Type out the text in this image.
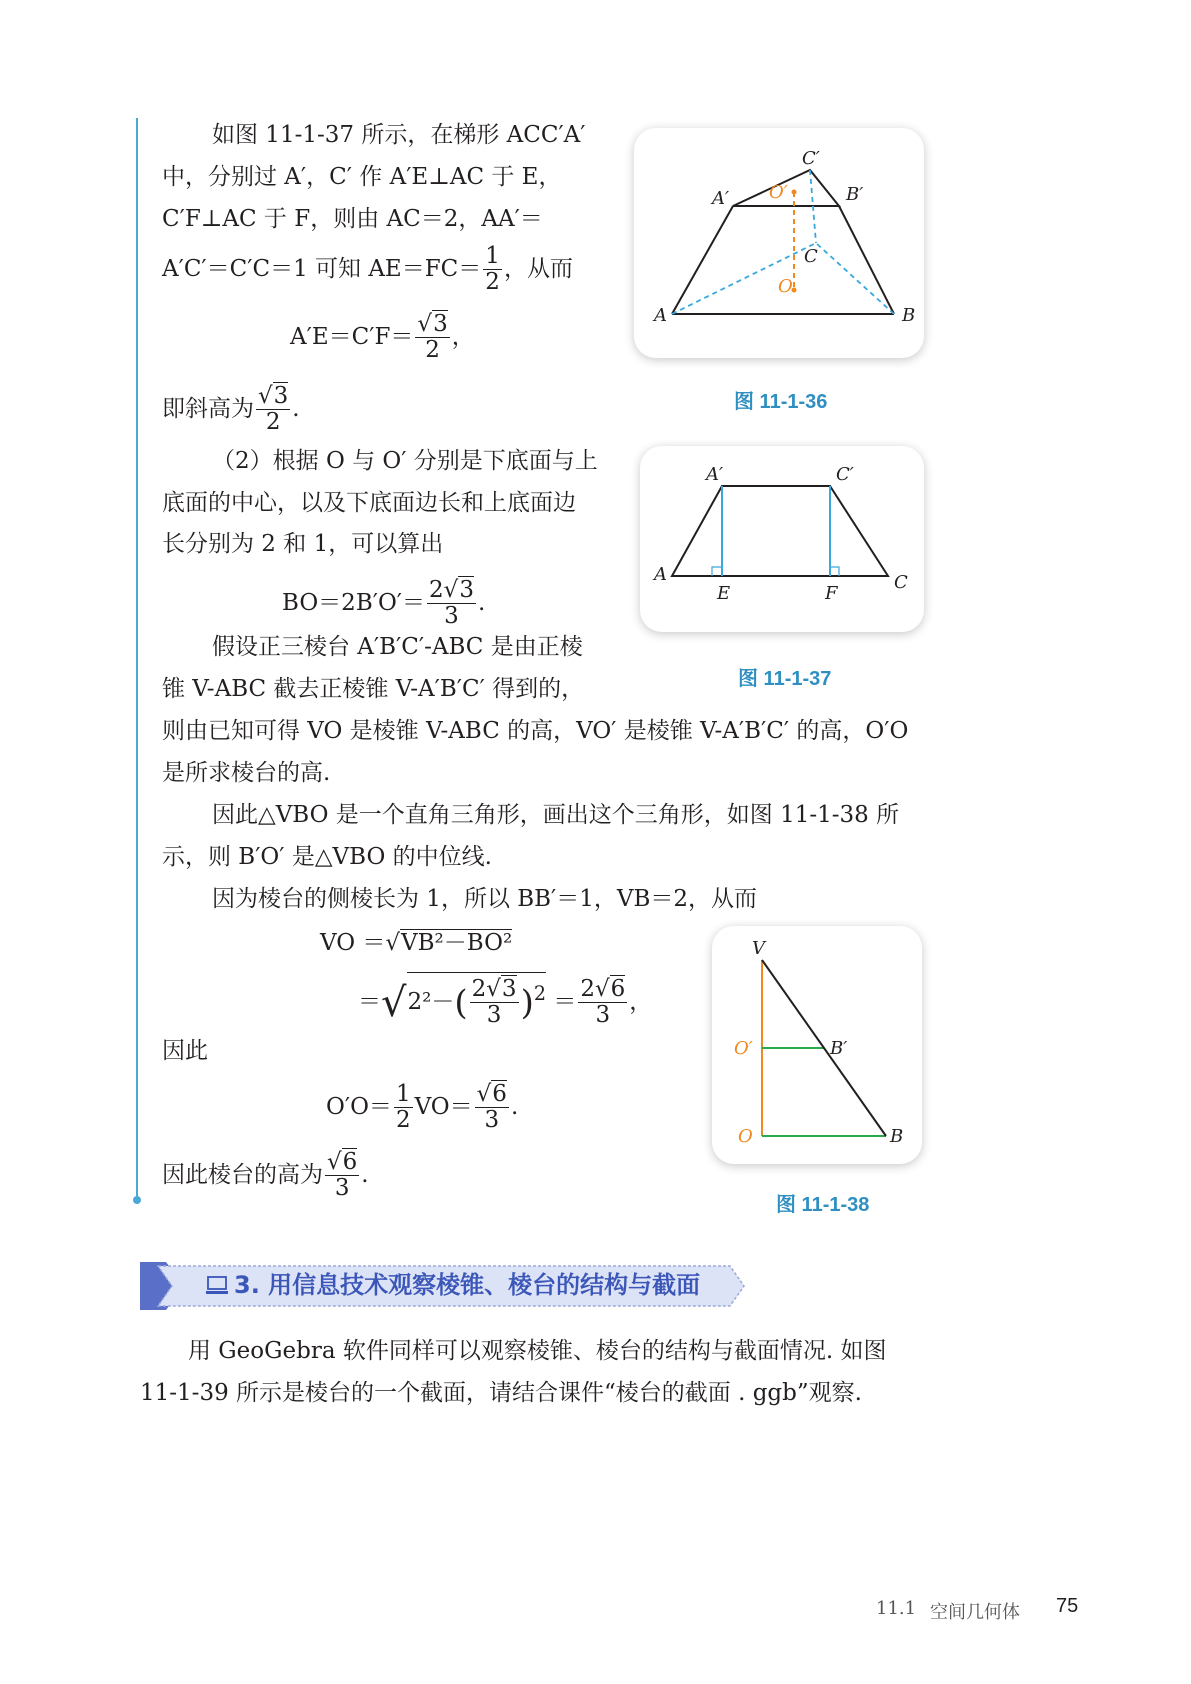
如图 11-1-37 所示，在梯形 ACC′A′
中，分别过 A′，C′ 作 A′E⊥AC 于 E，
C′F⊥AC 于 F，则由 AC＝2，AA′＝
A′C′＝C′C＝1 可知 $AE=FC= \frac{1}{2}$ ，从而
$A'E=C'F= \frac{√3}{2}$ ，
即斜高为 $\frac{√3}{2}$ .
（2）根据 O 与 O′ 分别是下底面与上
底面的中心，以及下底面边长和上底面边
长分别为 2 和 1，可以算出
$BO=2B'O'= \frac{2√3}{3}$ .
假设正三棱台 A′B′C′-ABC 是由正棱
锥 V-ABC 截去正棱锥 V-A′B′C′ 得到的，
则由已知可得 VO 是棱锥 V-ABC 的高，VO′ 是棱锥 V-A′B′C′ 的高，O′O
是所求棱台的高.
因此△VBO 是一个直角三角形，画出这个三角形，如图 11-1-38 所
示，则 B′O′ 是△VBO 的中位线.
因为棱台的侧棱长为 1，所以 BB′＝1，VB＝2，从而
VO ＝√VB²－BO²
$=√2^2-( \frac{2√3}{3} )^2 = \frac{2√6}{3}$ ，
因此
$O'O= \frac{1}{2} VO= \frac{√6}{3}$ .
因此棱台的高为 $\frac{√6}{3}$ .
C′
A′ O′	B′
C
O
A	B
图 11-1-36
A′	C′
A
E	F
C
图 11-1-37
V
O′	B′
O	B
图 11-1-38
3. 用信息技术观察棱锥、棱台的结构与截面
用 GeoGebra 软件同样可以观察棱锥、棱台的结构与截面情况. 如图
11-1-39 所示是棱台的一个截面，请结合课件“棱台的截面 . ggb”观察.
11.1 空间几何体 75
